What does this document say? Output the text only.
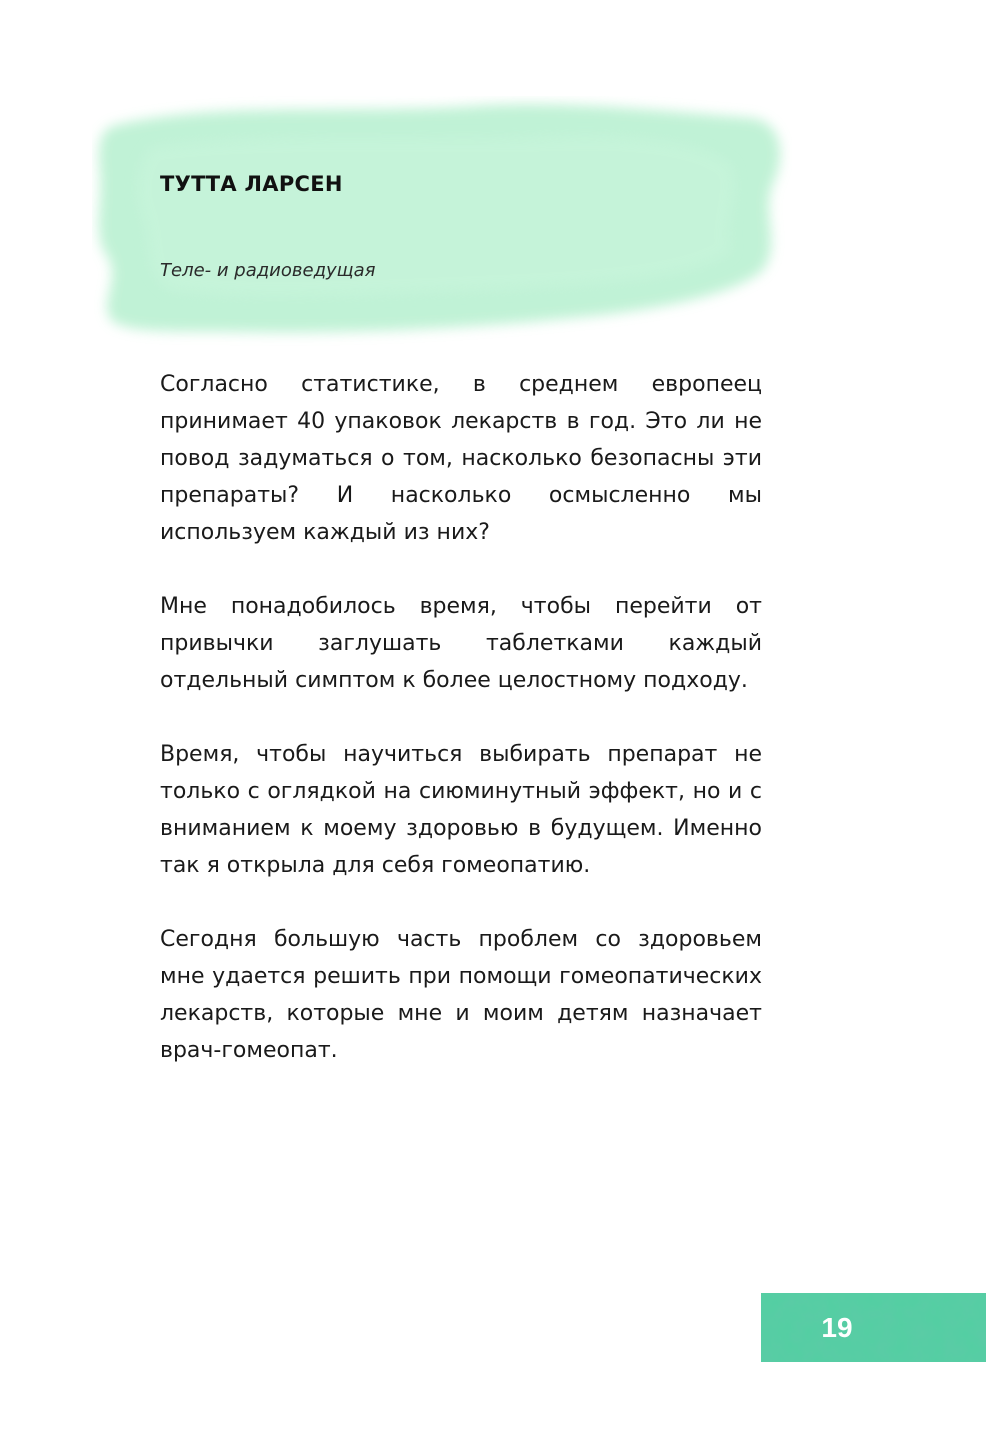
ТУТТА ЛАРСЕН

Теле- и радиоведущая

Согласно статистике, в среднем европеец принимает 40 упаковок лекарств в год. Это ли не повод задуматься о том, насколько безопасны эти препараты? И насколько осмысленно мы используем каждый из них?

Мне понадобилось время, чтобы перейти от привычки заглушать таблетками каждый отдельный симптом к более целостному подходу.

Время, чтобы научиться выбирать препарат не только с оглядкой на сиюминутный эффект, но и с вниманием к моему здоровью в будущем. Именно так я открыла для себя гомеопатию.

Сегодня большую часть проблем со здоровьем мне удается решить при помощи гомеопатических лекарств, которые мне и моим детям назначает врач-гомеопат.

19
